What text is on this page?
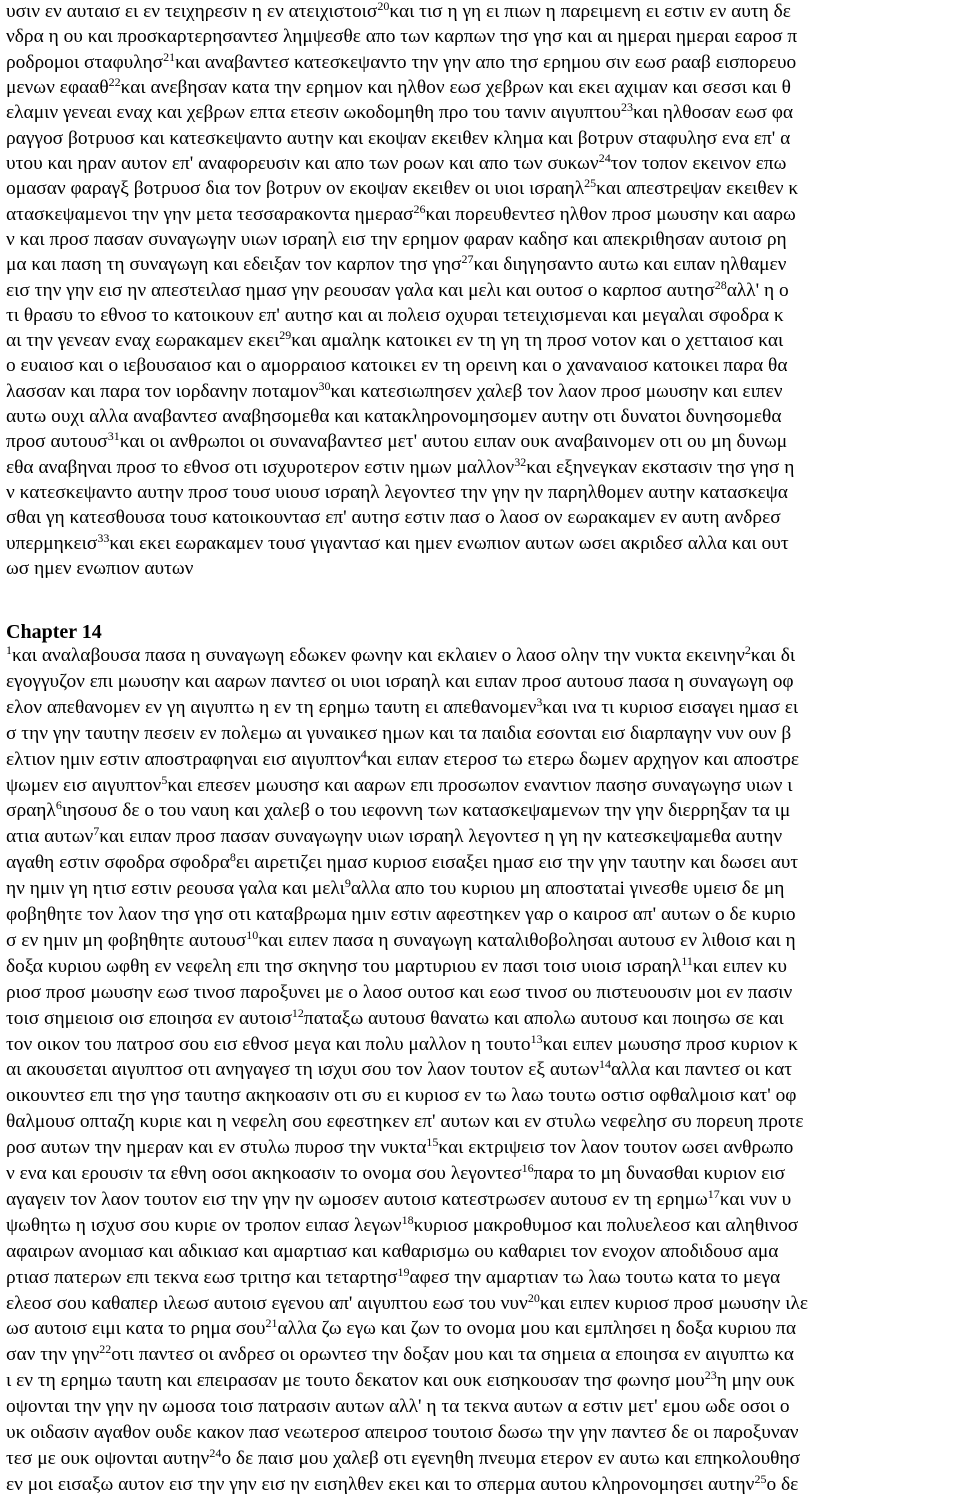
υσιν εν αυταισ ει εν τειχηρεσιν η εν ατειχιστοισ$^{20}$και τισ η γη ει πιων η παρειμενη ει εστιν εν αυτη δε
νδρα η ου και προσκαρτερησαντεσ λημψεσθε απο των καρπων τησ γησ και αι ημεραι ημεραι εαροσ π
ροδρομοι σταφυλησ$^{21}$και αναβαντεσ κατεσκεψαντο την γην απο τησ ερημου σιν εωσ ρααβ εισπορευο
μενων εφααθ$^{22}$και ανεβησαν κατα την ερημον και ηλθον εωσ χεβρων και εκει αχιμαν και σεσσι και θ
ελαμιν γενεαι εναχ και χεβρων επτα ετεσιν ωκοδομηθη προ του τανιν αιγυπτου$^{23}$και ηλθοσαν εωσ φα
ραγγοσ βοτρυοσ και κατεσκεψαντο αυτην και εκοψαν εκειθεν κλημα και βοτρυν σταφυλησ ενα επ' α
υτου και ηραν αυτον επ' αναφορευσιν και απο των ροων και απο των συκων$^{24}$τον τοπον εκεινον επω
ομασαν φαραγξ βοτρυοσ δια τον βοτρυν ον εκοψαν εκειθεν οι υιοι ισραηλ$^{25}$και απεστρεψαν εκειθεν κ
ατασκεψαμενοι την γην μετα τεσσαρακοντα ημερασ$^{26}$και πορευθεντεσ ηλθον προσ μωυσην και ααρω
ν και προσ πασαν συναγωγην υιων ισραηλ εισ την ερημον φαραν καδησ και απεκριθησαν αυτοισ ρη
μα και παση τη συναγωγη και εδειξαν τον καρπον τησ γησ$^{27}$και διηγησαντο αυτω και ειπαν ηλθαμεν
εισ την γην εισ ην απεστειλασ ημασ γην ρεουσαν γαλα και μελι και ουτοσ ο καρποσ αυτησ$^{28}$αλλ' η ο
τι θρασυ το εθνοσ το κατοικουν επ' αυτησ και αι πολεισ οχυραι τετειχισμεναι και μεγαλαι σφοδρα κ
αι την γενεαν εναχ εωρακαμεν εκει$^{29}$και αμαληκ κατοικει εν τη γη τη προσ νοτον και ο χετταιοσ και
ο ευαιοσ και ο ιεβουσαιοσ και ο αμορραιοσ κατοικει εν τη ορεινη και ο χαναναιοσ κατοικει παρα θα
λασσαν και παρα τον ιορδανην ποταμον$^{30}$και κατεσιωπησεν χαλεβ τον λαον προσ μωυσην και ειπεν
αυτω ουχι αλλα αναβαντεσ αναβησομεθα και κατακληρονομησομεν αυτην οτι δυνατοι δυνησομεθα
προσ αυτουσ$^{31}$και οι ανθρωποι οι συναναβαντεσ μετ' αυτου ειπαν ουκ αναβαινομεν οτι ου μη δυνωμ
εθα αναβηναι προσ το εθνοσ οτι ισχυροτερον εστιν ημων μαλλον$^{32}$και εξηνεγκαν εκστασιν τησ γησ η
ν κατεσκεψαντο αυτην προσ τουσ υιουσ ισραηλ λεγοντεσ την γην ην παρηλθομεν αυτην κατασκεψα
σθαι γη κατεσθουσα τουσ κατοικουντασ επ' αυτησ εστιν πασ ο λαοσ ον εωρακαμεν εν αυτη ανδρεσ
υπερμηκεισ$^{33}$και εκει εωρακαμεν τουσ γιγαντασ και ημεν ενωπιον αυτων ωσει ακριδεσ αλλα και ουτ
ωσ ημεν ενωπιον αυτων
Chapter 14
$^1$και αναλαβουσα πασα η συναγωγη εδωκεν φωνην και εκλαιεν ο λαοσ ολην την νυκτα εκεινην$^2$και δι
εγογγυζον επι μωυσην και ααρων παντεσ οι υιοι ισραηλ και ειπαν προσ αυτουσ πασα η συναγωγη οφ
ελον απεθανομεν εν γη αιγυπτω η εν τη ερημω ταυτη ει απεθανομεν$^3$και ινα τι κυριοσ εισαγει ημασ ει
σ την γην ταυτην πεσειν εν πολεμω αι γυναικεσ ημων και τα παιδια εσονται εισ διαρπαγην νυν ουν β
ελτιον ημιν εστιν αποστραφηναι εισ αιγυπτον$^4$και ειπαν ετεροσ τω ετερω δωμεν αρχηγον και αποστρε
ψωμεν εισ αιγυπτον$^5$και επεσεν μωυσησ και ααρων επι προσωπον εναντιον πασησ συναγωγησ υιων ι
σραηλ$^6$ιησουσ δε ο του ναυη και χαλεβ ο του ιεφοννη των κατασκεψαμενων την γην διερρηξαν τα ιμ
ατια αυτων$^7$και ειπαν προσ πασαν συναγωγην υιων ισραηλ λεγοντεσ η γη ην κατεσκεψαμεθα αυτην
αγαθη εστιν σφοδρα σφοδρα$^8$ει αιρετιζει ημασ κυριοσ εισαξει ημασ εισ την γην ταυτην και δωσει αυτ
ην ημιν γη ητισ εστιν ρεουσα γαλα και μελι$^9$αλλα απο του κυριου μη αποστατai γινεσθε υμεισ δε μη
φοβηθητε τον λαον τησ γησ οτι καταβρωμα ημιν εστιν αφεστηκεν γαρ ο καιροσ απ' αυτων ο δε κυριο
σ εν ημιν μη φοβηθητε αυτουσ$^{10}$και ειπεν πασα η συναγωγη καταλιθοβολησαι αυτουσ εν λιθοισ και η
δοξα κυριου ωφθη εν νεφελη επι τησ σκηνησ του μαρτυριου εν πασι τοισ υιοισ ισραηλ$^{11}$και ειπεν κυ
ριοσ προσ μωυσην εωσ τινοσ παροξυνει με ο λαοσ ουτοσ και εωσ τινοσ ου πιστευουσιν μοι εν πασιν
τοισ σημειοισ οισ εποιησα εν αυτοισ$^{12}$παταξω αυτουσ θανατω και απολω αυτουσ και ποιησω σε και
τον οικον του πατροσ σου εισ εθνοσ μεγα και πολυ μαλλον η τουτο$^{13}$και ειπεν μωυσησ προσ κυριον κ
αι ακουσεται αιγυπτοσ οτι ανηγαγεσ τη ισχυι σου τον λαον τουτον εξ αυτων$^{14}$αλλα και παντεσ οι κατ
οικουντεσ επι τησ γησ ταυτησ ακηκοασιν οτι συ ει κυριοσ εν τω λαω τουτω οστισ οφθαλμοισ κατ' οφ
θαλμουσ οπταζη κυριε και η νεφελη σου εφεστηκεν επ' αυτων και εν στυλω νεφελησ συ πορευη προτε
ροσ αυτων την ημεραν και εν στυλω πυροσ την νυκτα$^{15}$και εκτριψεισ τον λαον τουτον ωσει ανθρωπο
ν ενα και ερουσιν τα εθνη οσοι ακηκοασιν το ονομα σου λεγοντεσ$^{16}$παρα το μη δυνασθαι κυριον εισ
αγαγειν τον λαον τουτον εισ την γην ην ωμοσεν αυτοισ κατεστρωσεν αυτουσ εν τη ερημω$^{17}$και νυν υ
ψωθητω η ισχυσ σου κυριε ον τροπον ειπασ λεγων$^{18}$κυριοσ μακροθυμοσ και πολυελεοσ και αληθινοσ
αφαιρων ανομιασ και αδικιασ και αμαρτιασ και καθαρισμω ου καθαριει τον ενοχον αποδιδουσ αμα
ρτιασ πατερων επι τεκνα εωσ τριτησ και τεταρτησ$^{19}$αφεσ την αμαρτιαν τω λαω τουτω κατα το μεγα
ελεοσ σου καθαπερ ιλεωσ αυτοισ εγενου απ' αιγυπτου εωσ του νυν$^{20}$και ειπεν κυριοσ προσ μωυσην ιλε
ωσ αυτοισ ειμι κατα το ρημα σου$^{21}$αλλα ζω εγω και ζων το ονομα μου και εμπλησει η δοξα κυριου πα
σαν την γην$^{22}$οτι παντεσ οι ανδρεσ οι ορωντεσ την δοξαν μου και τα σημεια α εποιησα εν αιγυπτω κα
ι εν τη ερημω ταυτη και επειρασαν με τουτο δεκατον και ουκ εισηκουσαν τησ φωνησ μου$^{23}$η μην ουκ
οψονται την γην ην ωμοσα τοισ πατρασιν αυτων αλλ' η τα τεκνα αυτων α εστιν μετ' εμου ωδε οσοι ο
υκ οιδασιν αγαθον ουδε κακον πασ νεωτεροσ απειροσ τουτοισ δωσω την γην παντεσ δε οι παροξυναν
τεσ με ουκ οψονται αυτην$^{24}$ο δε παισ μου χαλεβ οτι εγενηθη πνευμα ετερον εν αυτω και επηκολουθησ
εν μοι εισαξω αυτον εισ την γην εισ ην εισηλθεν εκει και το σπερμα αυτου κληρονομησει αυτην$^{25}$ο δε
